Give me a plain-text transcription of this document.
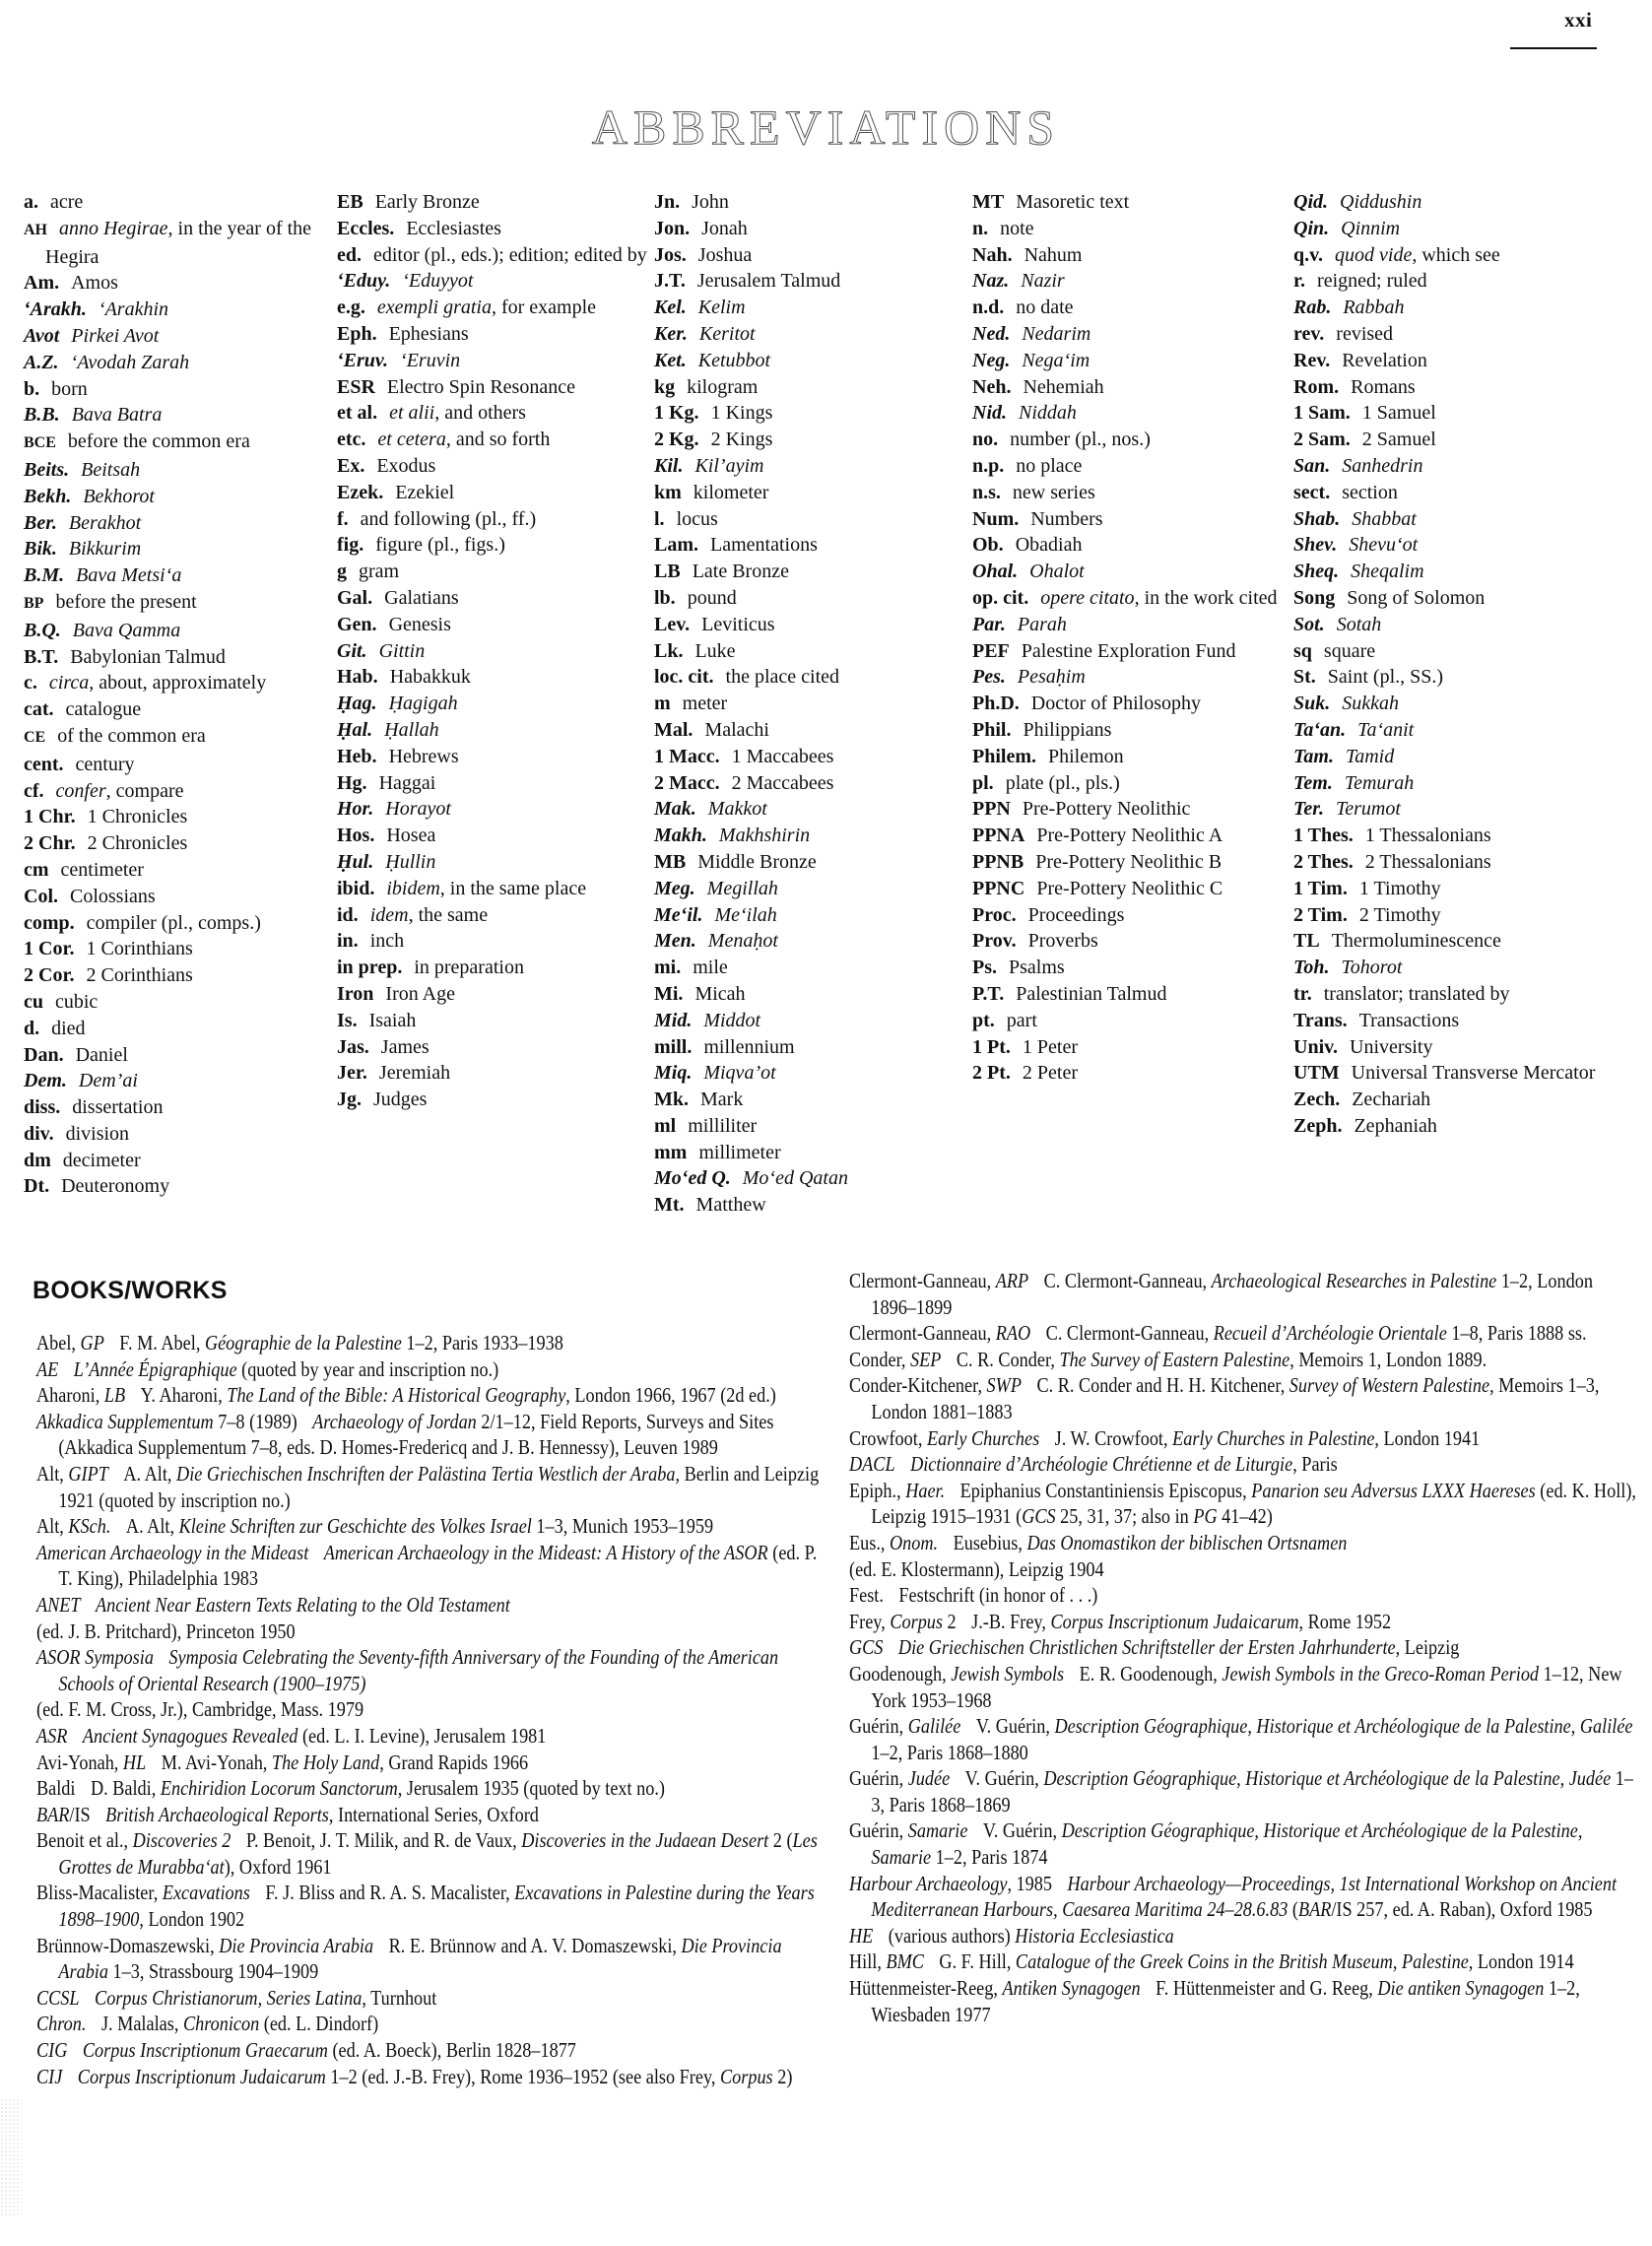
xxi
ABBREVIATIONS

a. acre

AH anno Hegirae, in the year of the Hegira

Am. Amos

‘Arakh. ‘Arakhin

Avot Pirkei Avot

A.Z. ‘Avodah Zarah

b. born

B.B. Bava Batra

BCE before the common era

Beits. Beitsah

Bekh. Bekhorot

Ber. Berakhot

Bik. Bikkurim

B.M. Bava Metsi‘a

BP before the present

B.Q. Bava Qamma

B.T. Babylonian Talmud

c. circa, about, approximately

cat. catalogue

CE of the common era

cent. century

cf. confer, compare

1 Chr. 1 Chronicles

2 Chr. 2 Chronicles

cm centimeter

Col. Colossians

comp. compiler (pl., comps.)

1 Cor. 1 Corinthians

2 Cor. 2 Corinthians

cu cubic

d. died

Dan. Daniel

Dem. Dem’ai

diss. dissertation

div. division

dm decimeter

Dt. Deuteronomy

EB Early Bronze

Eccles. Ecclesiastes

ed. editor (pl., eds.); edition; edited by

‘Eduy. ‘Eduyyot

e.g. exempli gratia, for example

Eph. Ephesians

‘Eruv. ‘Eruvin

ESR Electro Spin Resonance

et al. et alii, and others

etc. et cetera, and so forth

Ex. Exodus

Ezek. Ezekiel

f. and following (pl., ff.)

fig. figure (pl., figs.)

g gram

Gal. Galatians

Gen. Genesis

Git. Gittin

Hab. Habakkuk

Ḥag. Ḥagigah

Ḥal. Ḥallah

Heb. Hebrews

Hg. Haggai

Hor. Horayot

Hos. Hosea

Ḥul. Ḥullin

ibid. ibidem, in the same place

id. idem, the same

in. inch

in prep. in preparation

Iron Iron Age

Is. Isaiah

Jas. James

Jer. Jeremiah

Jg. Judges

Jn. John

Jon. Jonah

Jos. Joshua

J.T. Jerusalem Talmud

Kel. Kelim

Ker. Keritot

Ket. Ketubbot

kg kilogram

1 Kg. 1 Kings

2 Kg. 2 Kings

Kil. Kil’ayim

km kilometer

l. locus

Lam. Lamentations

LB Late Bronze

lb. pound

Lev. Leviticus

Lk. Luke

loc. cit. the place cited

m meter

Mal. Malachi

1 Macc. 1 Maccabees

2 Macc. 2 Maccabees

Mak. Makkot

Makh. Makhshirin

MB Middle Bronze

Meg. Megillah

Me‘il. Me‘ilah

Men. Menaḥot

mi. mile

Mi. Micah

Mid. Middot

mill. millennium

Miq. Miqva’ot

Mk. Mark

ml milliliter

mm millimeter

Mo‘ed Q. Mo‘ed Qatan

Mt. Matthew

MT Masoretic text

n. note

Nah. Nahum

Naz. Nazir

n.d. no date

Ned. Nedarim

Neg. Nega‘im

Neh. Nehemiah

Nid. Niddah

no. number (pl., nos.)

n.p. no place

n.s. new series

Num. Numbers

Ob. Obadiah

Ohal. Ohalot

op. cit. opere citato, in the work cited

Par. Parah

PEF Palestine Exploration Fund

Pes. Pesaḥim

Ph.D. Doctor of Philosophy

Phil. Philippians

Philem. Philemon

pl. plate (pl., pls.)

PPN Pre-Pottery Neolithic

PPNA Pre-Pottery Neolithic A

PPNB Pre-Pottery Neolithic B

PPNC Pre-Pottery Neolithic C

Proc. Proceedings

Prov. Proverbs

Ps. Psalms

P.T. Palestinian Talmud

pt. part

1 Pt. 1 Peter

2 Pt. 2 Peter

Qid. Qiddushin

Qin. Qinnim

q.v. quod vide, which see

r. reigned; ruled

Rab. Rabbah

rev. revised

Rev. Revelation

Rom. Romans

1 Sam. 1 Samuel

2 Sam. 2 Samuel

San. Sanhedrin

sect. section

Shab. Shabbat

Shev. Shevu‘ot

Sheq. Sheqalim

Song Song of Solomon

Sot. Sotah

sq square

St. Saint (pl., SS.)

Suk. Sukkah

Ta‘an. Ta‘anit

Tam. Tamid

Tem. Temurah

Ter. Terumot

1 Thes. 1 Thessalonians

2 Thes. 2 Thessalonians

1 Tim. 1 Timothy

2 Tim. 2 Timothy

TL Thermoluminescence

Toh. Tohorot

tr. translator; translated by

Trans. Transactions

Univ. University

UTM Universal Transverse Mercator

Zech. Zechariah

Zeph. Zephaniah

BOOKS/WORKS

Abel, GP F. M. Abel, Géographie de la Palestine 1–2, Paris 1933–1938

AE L’Année Épigraphique (quoted by year and inscription no.)

Aharoni, LB Y. Aharoni, The Land of the Bible: A Historical Geography, London 1966, 1967 (2d ed.)

Akkadica Supplementum 7–8 (1989) Archaeology of Jordan 2/1–12, Field Reports, Surveys and Sites (Akkadica Supplementum 7–8, eds. D. Homes-Fredericq and J. B. Hennessy), Leuven 1989

Alt, GIPT A. Alt, Die Griechischen Inschriften der Palästina Tertia Westlich der Araba, Berlin and Leipzig 1921 (quoted by inscription no.)

Alt, KSch. A. Alt, Kleine Schriften zur Geschichte des Volkes Israel 1–3, Munich 1953–1959

American Archaeology in the Mideast American Archaeology in the Mideast: A History of the ASOR (ed. P. T. King), Philadelphia 1983

ANET Ancient Near Eastern Texts Relating to the Old Testament

(ed. J. B. Pritchard), Princeton 1950

ASOR Symposia Symposia Celebrating the Seventy-fifth Anniversary of the Founding of the American Schools of Oriental Research (1900–1975)

(ed. F. M. Cross, Jr.), Cambridge, Mass. 1979

ASR Ancient Synagogues Revealed (ed. L. I. Levine), Jerusalem 1981

Avi-Yonah, HL M. Avi-Yonah, The Holy Land, Grand Rapids 1966

Baldi D. Baldi, Enchiridion Locorum Sanctorum, Jerusalem 1935 (quoted by text no.)

BAR/IS British Archaeological Reports, International Series, Oxford

Benoit et al., Discoveries 2 P. Benoit, J. T. Milik, and R. de Vaux, Discoveries in the Judaean Desert 2 (Les Grottes de Murabba‘at), Oxford 1961

Bliss-Macalister, Excavations F. J. Bliss and R. A. S. Macalister, Excavations in Palestine during the Years 1898–1900, London 1902

Brünnow-Domaszewski, Die Provincia Arabia R. E. Brünnow and A. V. Domaszewski, Die Provincia Arabia 1–3, Strassbourg 1904–1909

CCSL Corpus Christianorum, Series Latina, Turnhout

Chron. J. Malalas, Chronicon (ed. L. Dindorf)

CIG Corpus Inscriptionum Graecarum (ed. A. Boeck), Berlin 1828–1877

CIJ Corpus Inscriptionum Judaicarum 1–2 (ed. J.-B. Frey), Rome 1936–1952 (see also Frey, Corpus 2)

Clermont-Ganneau, ARP C. Clermont-Ganneau, Archaeological Researches in Palestine 1–2, London 1896–1899

Clermont-Ganneau, RAO C. Clermont-Ganneau, Recueil d’Archéologie Orientale 1–8, Paris 1888 ss.

Conder, SEP C. R. Conder, The Survey of Eastern Palestine, Memoirs 1, London 1889.

Conder-Kitchener, SWP C. R. Conder and H. H. Kitchener, Survey of Western Palestine, Memoirs 1–3, London 1881–1883

Crowfoot, Early Churches J. W. Crowfoot, Early Churches in Palestine, London 1941

DACL Dictionnaire d’Archéologie Chrétienne et de Liturgie, Paris

Epiph., Haer. Epiphanius Constantiniensis Episcopus, Panarion seu Adversus LXXX Haereses (ed. K. Holl), Leipzig 1915–1931 (GCS 25, 31, 37; also in PG 41–42)

Eus., Onom. Eusebius, Das Onomastikon der biblischen Ortsnamen

(ed. E. Klostermann), Leipzig 1904

Fest. Festschrift (in honor of . . .)

Frey, Corpus 2 J.-B. Frey, Corpus Inscriptionum Judaicarum, Rome 1952

GCS Die Griechischen Christlichen Schriftsteller der Ersten Jahrhunderte, Leipzig

Goodenough, Jewish Symbols E. R. Goodenough, Jewish Symbols in the Greco-Roman Period 1–12, New York 1953–1968

Guérin, Galilée V. Guérin, Description Géographique, Historique et Archéologique de la Palestine, Galilée 1–2, Paris 1868–1880

Guérin, Judée V. Guérin, Description Géographique, Historique et Archéologique de la Palestine, Judée 1–3, Paris 1868–1869

Guérin, Samarie V. Guérin, Description Géographique, Historique et Archéologique de la Palestine, Samarie 1–2, Paris 1874

Harbour Archaeology, 1985 Harbour Archaeology—Proceedings, 1st International Workshop on Ancient Mediterranean Harbours, Caesarea Maritima 24–28.6.83 (BAR/IS 257, ed. A. Raban), Oxford 1985

HE (various authors) Historia Ecclesiastica

Hill, BMC G. F. Hill, Catalogue of the Greek Coins in the British Museum, Palestine, London 1914

Hüttenmeister-Reeg, Antiken Synagogen F. Hüttenmeister and G. Reeg, Die antiken Synagogen 1–2, Wiesbaden 1977
